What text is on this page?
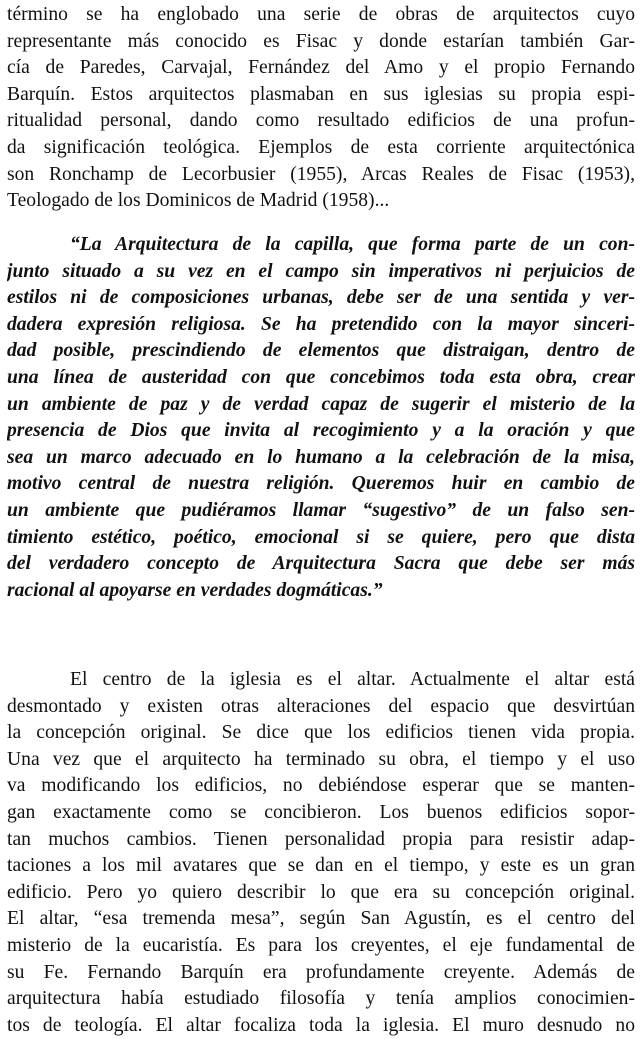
término se ha englobado una serie de obras de arquitectos cuyo
representante más conocido es Fisac y donde estarían también Gar-
cía de Paredes, Carvajal, Fernández del Amo y el propio Fernando
Barquín. Estos arquitectos plasmaban en sus iglesias su propia espi-
ritualidad personal, dando como resultado edificios de una profun-
da significación teológica. Ejemplos de esta corriente arquitectónica
son Ronchamp de Lecorbusier (1955), Arcas Reales de Fisac (1953),
Teologado de los Dominicos de Madrid (1958)...
“La Arquitectura de la capilla, que forma parte de un con-
junto situado a su vez en el campo sin imperativos ni perjuicios de
estilos ni de composiciones urbanas, debe ser de una sentida y ver-
dadera expresión religiosa. Se ha pretendido con la mayor sinceri-
dad posible, prescindiendo de elementos que distraigan, dentro de
una línea de austeridad con que concebimos toda esta obra, crear
un ambiente de paz y de verdad capaz de sugerir el misterio de la
presencia de Dios que invita al recogimiento y a la oración y que
sea un marco adecuado en lo humano a la celebración de la misa,
motivo central de nuestra religión. Queremos huir en cambio de
un ambiente que pudiéramos llamar “sugestivo” de un falso sen-
timiento estético, poético, emocional si se quiere, pero que dista
del verdadero concepto de Arquitectura Sacra que debe ser más
racional al apoyarse en verdades dogmáticas.”
El centro de la iglesia es el altar. Actualmente el altar está
desmontado y existen otras alteraciones del espacio que desvirtúan
la concepción original. Se dice que los edificios tienen vida propia.
Una vez que el arquitecto ha terminado su obra, el tiempo y el uso
va modificando los edificios, no debiéndose esperar que se manten-
gan exactamente como se concibieron. Los buenos edificios sopor-
tan muchos cambios. Tienen personalidad propia para resistir adap-
taciones a los mil avatares que se dan en el tiempo, y este es un gran
edificio. Pero yo quiero describir lo que era su concepción original.
El altar, “esa tremenda mesa”, según San Agustín, es el centro del
misterio de la eucaristía. Es para los creyentes, el eje fundamental de
su Fe. Fernando Barquín era profundamente creyente. Además de
arquitectura había estudiado filosofía y tenía amplios conocimien-
tos de teología. El altar focaliza toda la iglesia. El muro desnudo no
